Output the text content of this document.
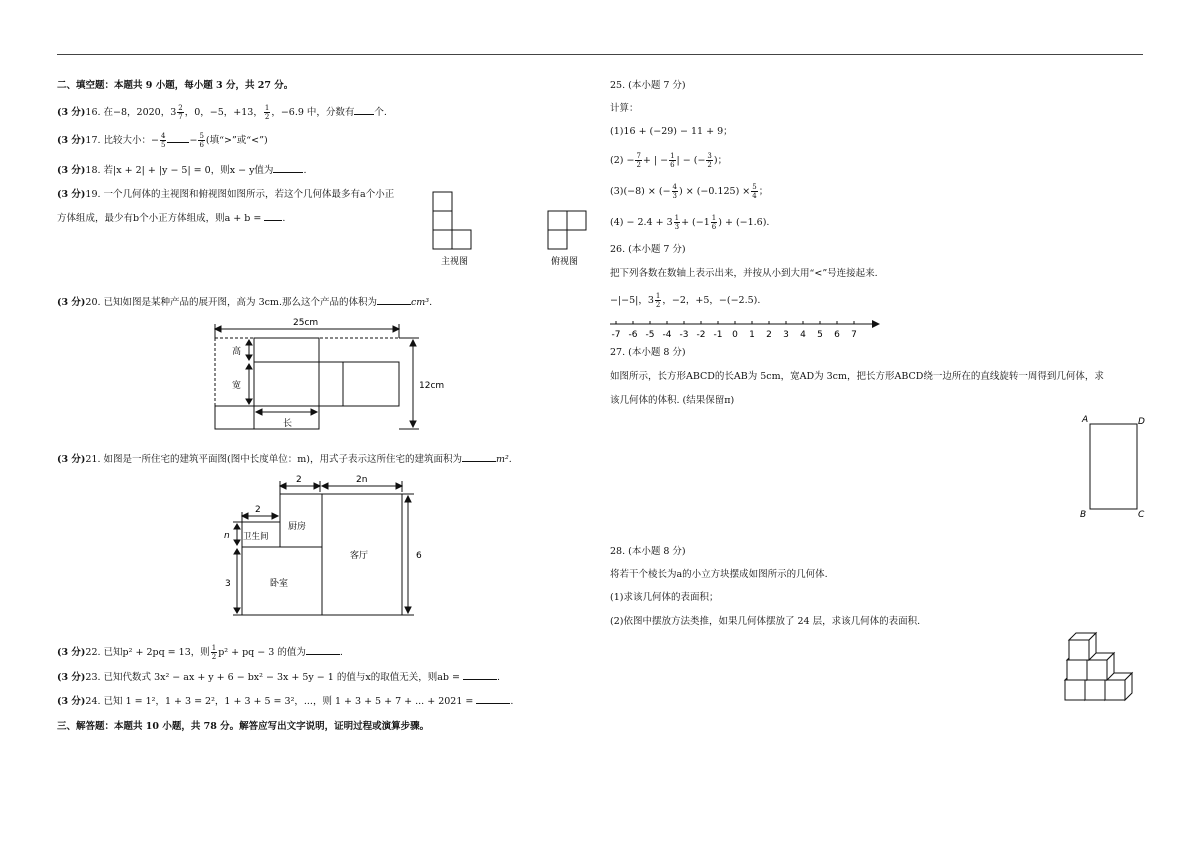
二、填空题：本题共 9 小题，每小题 3 分，共 27 分。
(3 分)16. 在−8，2020，$3 \frac{2}{7}$ ，0，−5，+13， $\frac{1}{2}$ ，−6.9 中，分数有 个.
(3 分)17. 比较大小：− $\frac{4}{5} - \frac{5}{6}$ (填“>”或“<”)
(3 分)18. 若|x + 2| + |y − 5| = 0，则x − y值为	.
(3 分)19. 一个几何体的主视图和俯视图如图所示，若这个几何体最多有a个小正
方体组成，最少有b个小正方体组成，则a + b = .
主视图	俯视图
(3 分)20. 已知如图是某种产品的展开图，高为 3cm.那么这个产品的体积为	cm³.
25cm
高
宽
长
12cm
(3 分)21. 如图是一所住宅的建筑平面图(图中长度单位：m)，用式子表示这所住宅的建筑面积为	m².
2	2n
2
n
3
6
厨房
卫生间
客厅
卧室
(3 分)22. 已知p² + 2pq = 13，则 $\frac{1}{2} p^2$ + pq − 3 的值为	.
(3 分)23. 已知代数式 3x² − ax + y + 6 − bx² − 3x + 5y − 1 的值与x的取值无关，则ab =	.
(3 分)24. 已知 1 = 1²，1 + 3 = 2²，1 + 3 + 5 = 3²，...，则 1 + 3 + 5 + 7 + ... + 2021 =	.
三、解答题：本题共 10 小题，共 78 分。解答应写出文字说明，证明过程或演算步骤。
25. (本小题 7 分)
计算：
(1)16 + (−29) − 11 + 9；
$(2) - \frac{7}{2}$ + | − $\frac{1}{6}$ | − (− $\frac{3}{2}$ )；
(3)(−8) × (− $\frac{4}{3}$ ) × $(-0.125) \times \frac{5}{4}$ ；
$(4) - 2.4 + 3 \frac{1}{3} + (-1 \frac{1}{6}$ ) + (−1.6).
26. (本小题 7 分)
把下列各数在数轴上表示出来，并按从小到大用“<”号连接起来.
−|−5|，$3 \frac{1}{2}$ ，−2，+5，−(−2.5).
-7 -6 -5 -4 -3 -2 -1 0 1 2 3 4 5 6 7
27. (本小题 8 分)
如图所示，长方形ABCD的长AB为 5cm，宽AD为 3cm，把长方形ABCD绕一边所在的直线旋转一周得到几何体，求
该几何体的体积. (结果保留π)
A	D
B	C
28. (本小题 8 分)
将若干个棱长为a的小立方块摆成如图所示的几何体.
(1)求该几何体的表面积；
(2)依图中摆放方法类推，如果几何体摆放了 24 层，求该几何体的表面积.
